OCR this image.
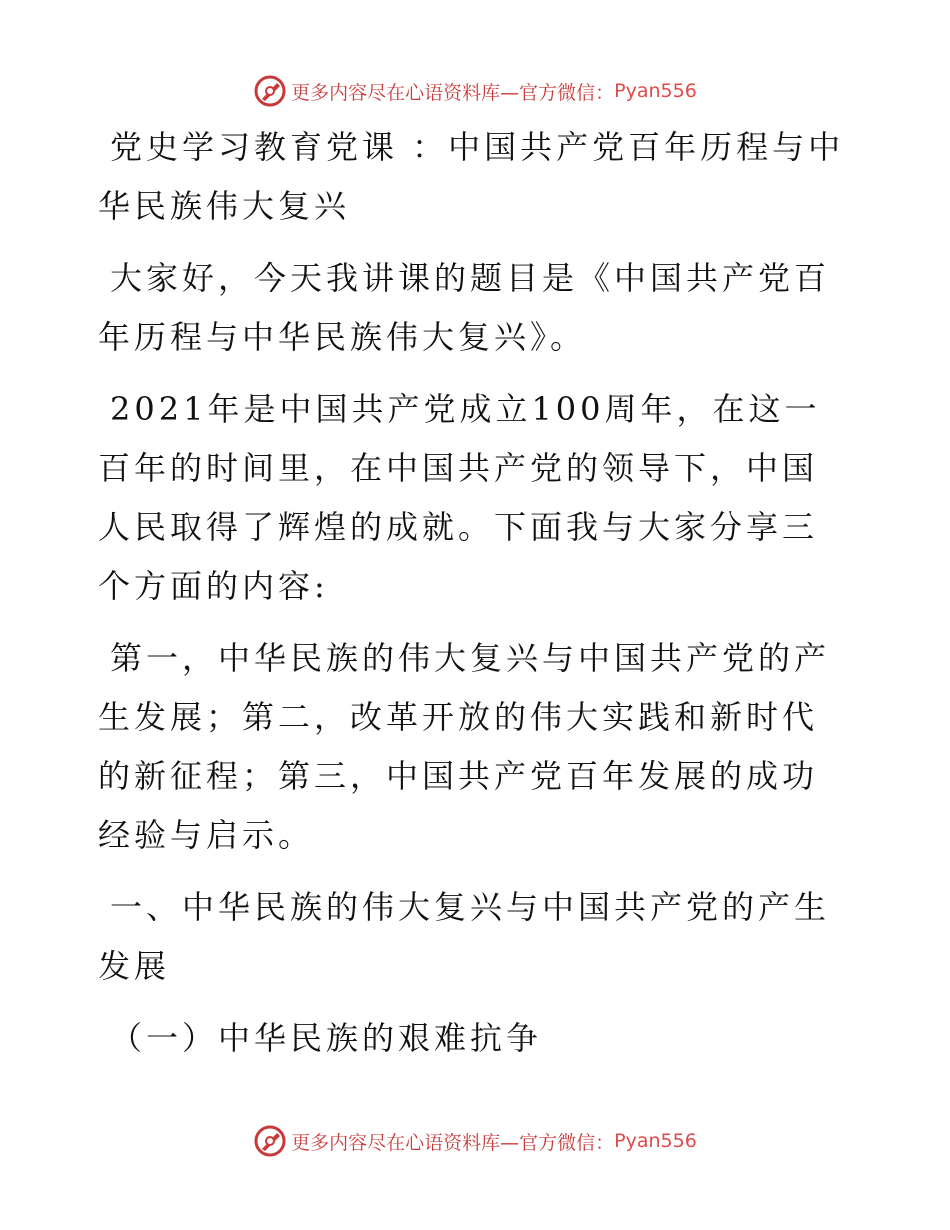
更多内容尽在心语资料库—官方微信： Pyan556

党史学习教育党课 ：中国共产党百年历程与中华民族伟大复兴

大家好，今天我讲课的题目是《中国共产党百年历程与中华民族伟大复兴》。

2021年是中国共产党成立100周年，在这一百年的时间里，在中国共产党的领导下，中国人民取得了辉煌的成就。下面我与大家分享三个方面的内容:

第一，中华民族的伟大复兴与中国共产党的产生发展；第二，改革开放的伟大实践和新时代的新征程；第三，中国共产党百年发展的成功经验与启示。

一、中华民族的伟大复兴与中国共产党的产生发展

（一）中华民族的艰难抗争

更多内容尽在心语资料库—官方微信： Pyan556
